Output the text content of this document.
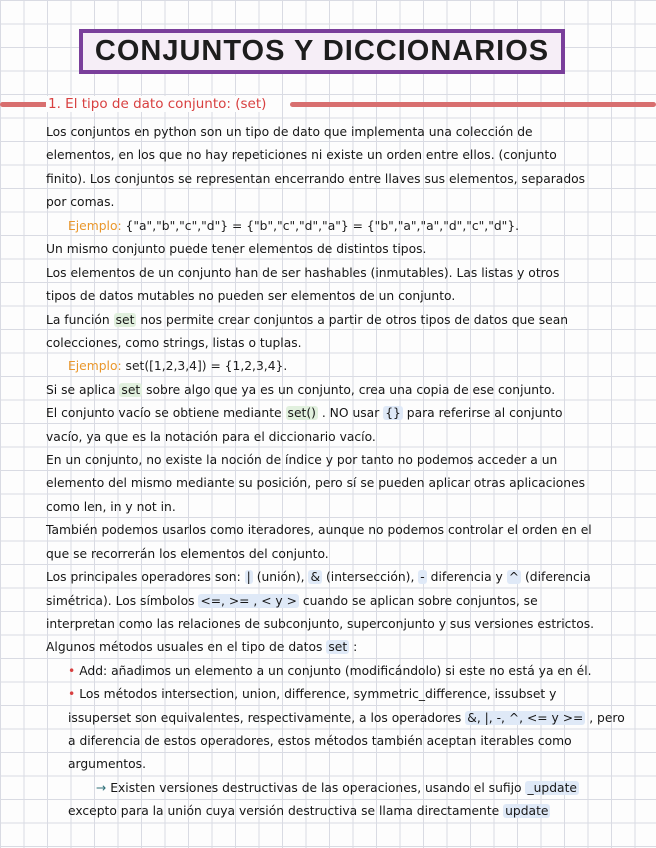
CONJUNTOS Y DICCIONARIOS
1. El tipo de dato conjunto: (set)
Los conjuntos en python son un tipo de dato que implementa una colección de
elementos, en los que no hay repeticiones ni existe un orden entre ellos. (conjunto
finito). Los conjuntos se representan encerrando entre llaves sus elementos, separados
por comas.
Ejemplo: {"a","b","c","d"} = {"b","c","d","a"} = {"b","a","a","d","c","d"}.
Un mismo conjunto puede tener elementos de distintos tipos.
Los elementos de un conjunto han de ser hashables (inmutables). Las listas y otros
tipos de datos mutables no pueden ser elementos de un conjunto.
La función set nos permite crear conjuntos a partir de otros tipos de datos que sean
colecciones, como strings, listas o tuplas.
Ejemplo: set([1,2,3,4]) = {1,2,3,4}.
Si se aplica set sobre algo que ya es un conjunto, crea una copia de ese conjunto.
El conjunto vacío se obtiene mediante set() . NO usar {} para referirse al conjunto
vacío, ya que es la notación para el diccionario vacío.
En un conjunto, no existe la noción de índice y por tanto no podemos acceder a un
elemento del mismo mediante su posición, pero sí se pueden aplicar otras aplicaciones
como len, in y not in.
También podemos usarlos como iteradores, aunque no podemos controlar el orden en el
que se recorrerán los elementos del conjunto.
Los principales operadores son: | (unión), & (intersección), - diferencia y ^ (diferencia
simétrica). Los símbolos <=, >= , < y > cuando se aplican sobre conjuntos, se
interpretan como las relaciones de subconjunto, superconjunto y sus versiones estrictos.
Algunos métodos usuales en el tipo de datos set :
• Add: añadimos un elemento a un conjunto (modificándolo) si este no está ya en él.
• Los métodos intersection, union, difference, symmetric_difference, issubset y
issuperset son equivalentes, respectivamente, a los operadores &, |, -, ^, <= y >= , pero
a diferencia de estos operadores, estos métodos también aceptan iterables como
argumentos.
→ Existen versiones destructivas de las operaciones, usando el sufijo _update
excepto para la unión cuya versión destructiva se llama directamente update
